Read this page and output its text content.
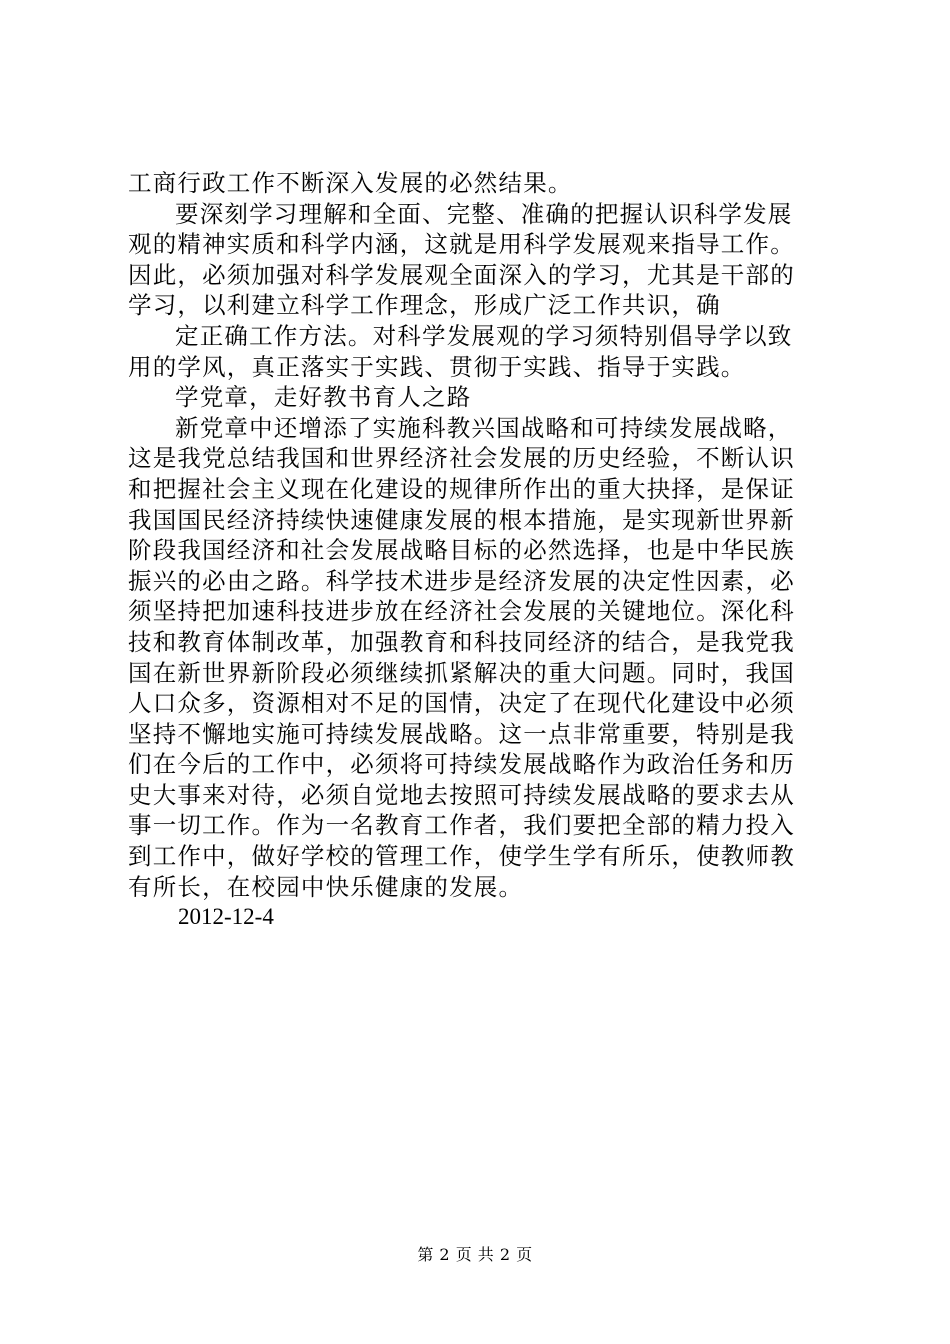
工商行政工作不断深入发展的必然结果。
要深刻学习理解和全面、完整、准确的把握认识科学发展
观的精神实质和科学内涵，这就是用科学发展观来指导工作。
因此，必须加强对科学发展观全面深入的学习，尤其是干部的
学习，以利建立科学工作理念，形成广泛工作共识，确
定正确工作方法。对科学发展观的学习须特别倡导学以致
用的学风，真正落实于实践、贯彻于实践、指导于实践。
学党章，走好教书育人之路
新党章中还增添了实施科教兴国战略和可持续发展战略，
这是我党总结我国和世界经济社会发展的历史经验，不断认识
和把握社会主义现在化建设的规律所作出的重大抉择，是保证
我国国民经济持续快速健康发展的根本措施，是实现新世界新
阶段我国经济和社会发展战略目标的必然选择，也是中华民族
振兴的必由之路。科学技术进步是经济发展的决定性因素，必
须坚持把加速科技进步放在经济社会发展的关键地位。深化科
技和教育体制改革，加强教育和科技同经济的结合，是我党我
国在新世界新阶段必须继续抓紧解决的重大问题。同时，我国
人口众多，资源相对不足的国情，决定了在现代化建设中必须
坚持不懈地实施可持续发展战略。这一点非常重要，特别是我
们在今后的工作中，必须将可持续发展战略作为政治任务和历
史大事来对待，必须自觉地去按照可持续发展战略的要求去从
事一切工作。作为一名教育工作者，我们要把全部的精力投入
到工作中，做好学校的管理工作，使学生学有所乐，使教师教
有所长，在校园中快乐健康的发展。
2012-12-4
第 2 页 共 2 页
